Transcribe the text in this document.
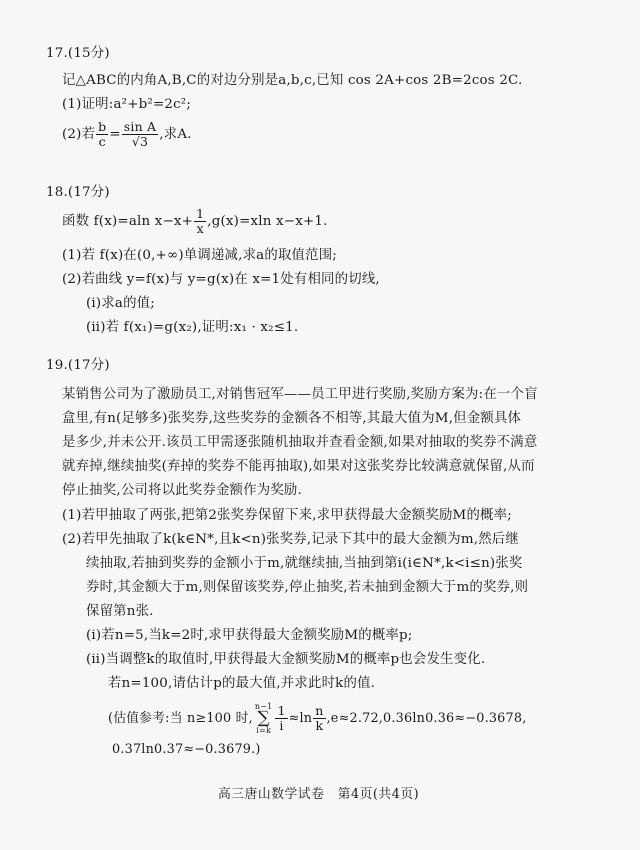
17.(15分)
记△ABC的内角A,B,C的对边分别是a,b,c,已知 cos 2A+cos 2B=2cos 2C.
(1)证明:a²+b²=2c²;
(2)若 $\frac{b}{c} = \frac{\text{sin A}}{√3}$ ,求A.
18.(17分)
函数 f(x)=aln $x-x+ \frac{1}{x} ,g(x)=xln$ x−x+1.
(1)若 f(x)在(0,+∞)单调递减,求a的取值范围;
(2)若曲线 y=f(x)与 y=g(x)在 x=1处有相同的切线,
(ⅰ)求a的值;
(ⅱ)若 f(x₁)=g(x₂),证明:x₁ · x₂≤1.
19.(17分)
某销售公司为了激励员工,对销售冠军——员工甲进行奖励,奖励方案为:在一个盲
盒里,有n(足够多)张奖券,这些奖券的金额各不相等,其最大值为M,但金额具体
是多少,并未公开.该员工甲需逐张随机抽取并查看金额,如果对抽取的奖券不满意
就弃掉,继续抽奖(弃掉的奖券不能再抽取),如果对这张奖券比较满意就保留,从而
停止抽奖,公司将以此奖券金额作为奖励.
(1)若甲抽取了两张,把第2张奖券保留下来,求甲获得最大金额奖励M的概率;
(2)若甲先抽取了k(k∈N*,且k<n)张奖券,记录下其中的最大金额为m,然后继
续抽取,若抽到奖券的金额小于m,就继续抽,当抽到第i(i∈N*,k<i≤n)张奖
券时,其金额大于m,则保留该奖券,停止抽奖,若未抽到金额大于m的奖券,则
保留第n张.
(ⅰ)若n=5,当k=2时,求甲获得最大金额奖励M的概率p;
(ⅱ)当调整k的取值时,甲获得最大金额奖励M的概率p也会发生变化.
若n=100,请估计p的最大值,并求此时k的值.
(估值参考:当 n≥100 时,
n−1
∑
$i=k \frac{1}{i} \approx\ln \frac{n}{k} ,e\approx 2.72,0.36\ln 0.36\approx-0.3678$,
0.37ln0.37≈−0.3679.)
高三唐山数学试卷　第4页(共4页)
